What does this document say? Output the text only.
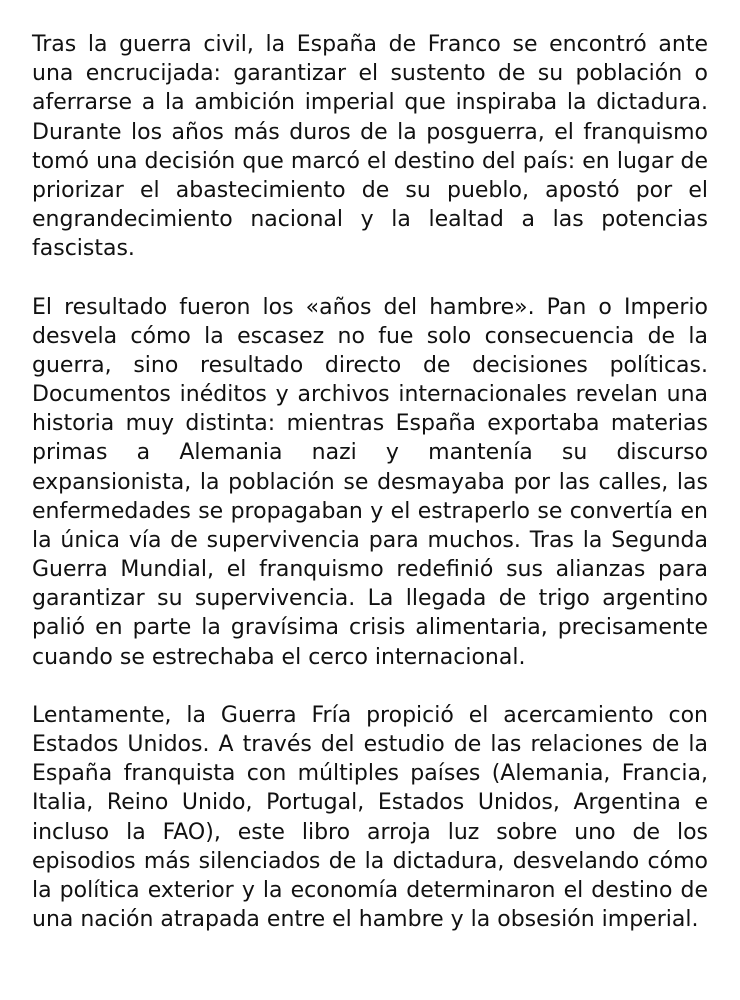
Tras la guerra civil, la España de Franco se encontró ante una encrucijada: garantizar el sustento de su población o aferrarse a la ambición imperial que inspiraba la dictadura. Durante los años más duros de la posguerra, el franquismo tomó una decisión que marcó el destino del país: en lugar de priorizar el abastecimiento de su pueblo, apostó por el engrandecimiento nacional y la lealtad a las potencias fascistas.

El resultado fueron los «años del hambre». Pan o Imperio desvela cómo la escasez no fue solo consecuencia de la guerra, sino resultado directo de decisiones políticas. Documentos inéditos y archivos internacionales revelan una historia muy distinta: mientras España exportaba materias primas a Alemania nazi y mantenía su discurso expansionista, la población se desmayaba por las calles, las enfermedades se propagaban y el estraperlo se convertía en la única vía de supervivencia para muchos. Tras la Segunda Guerra Mundial, el franquismo redefinió sus alianzas para garantizar su supervivencia. La llegada de trigo argentino palió en parte la gravísima crisis alimentaria, precisamente cuando se estrechaba el cerco internacional.

Lentamente, la Guerra Fría propició el acercamiento con Estados Unidos. A través del estudio de las relaciones de la España franquista con múltiples países (Alemania, Francia, Italia, Reino Unido, Portugal, Estados Unidos, Argentina e incluso la FAO), este libro arroja luz sobre uno de los episodios más silenciados de la dictadura, desvelando cómo la política exterior y la economía determinaron el destino de una nación atrapada entre el hambre y la obsesión imperial.
